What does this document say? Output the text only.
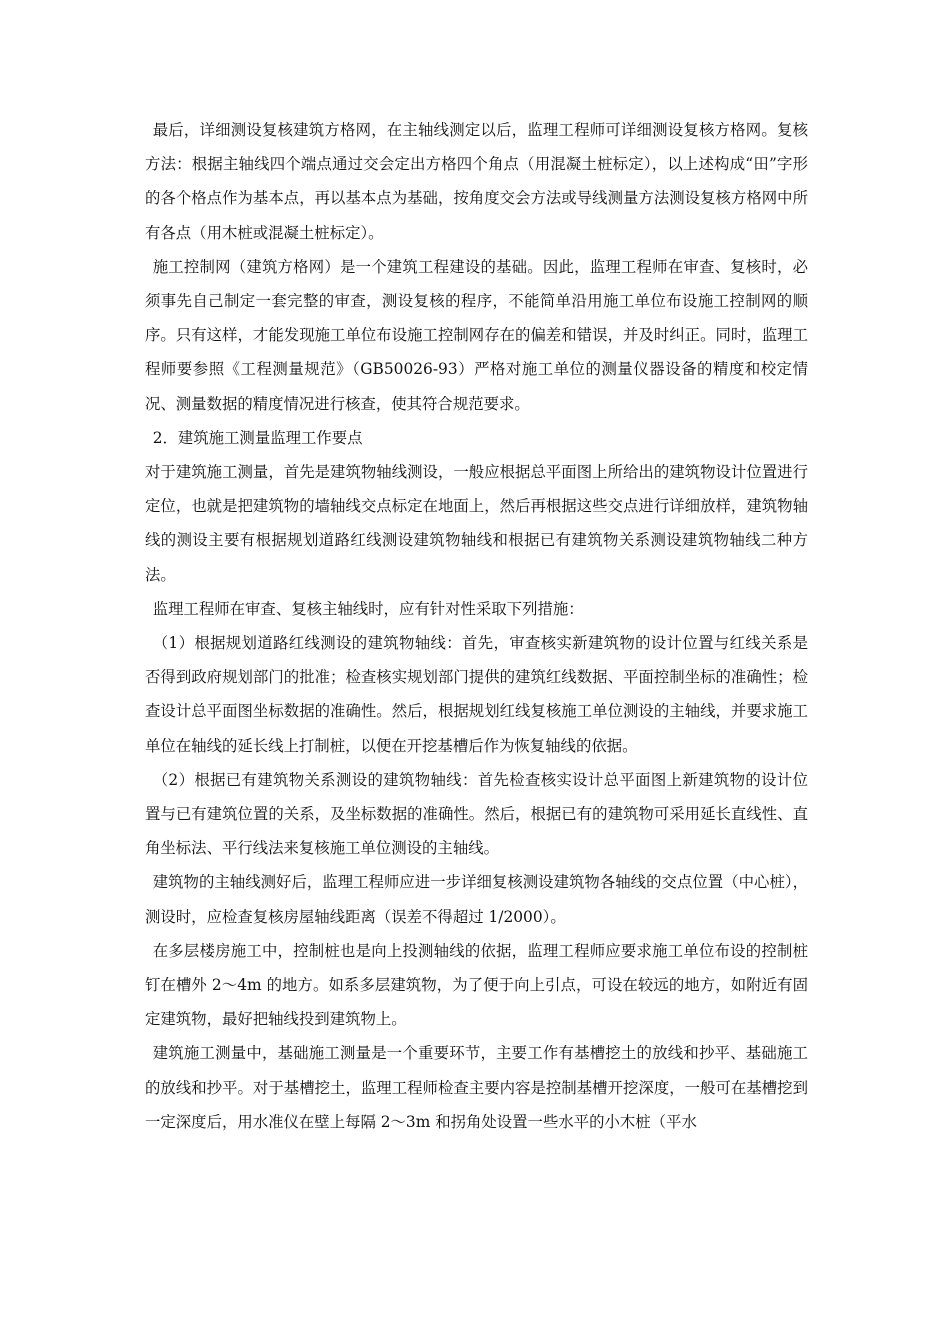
最后，详细测设复核建筑方格网，在主轴线测定以后，监理工程师可详细测设复核方格网。复核方法：根据主轴线四个端点通过交会定出方格四个角点（用混凝土桩标定），以上述构成“田”字形的各个格点作为基本点，再以基本点为基础，按角度交会方法或导线测量方法测设复核方格网中所有各点（用木桩或混凝土桩标定）。

施工控制网（建筑方格网）是一个建筑工程建设的基础。因此，监理工程师在审查、复核时，必须事先自己制定一套完整的审查，测设复核的程序，不能简单沿用施工单位布设施工控制网的顺序。只有这样，才能发现施工单位布设施工控制网存在的偏差和错误，并及时纠正。同时，监理工程师要参照《工程测量规范》（GB50026-93）严格对施工单位的测量仪器设备的精度和校定情况、测量数据的精度情况进行核查，使其符合规范要求。

2．建筑施工测量监理工作要点

对于建筑施工测量，首先是建筑物轴线测设，一般应根据总平面图上所给出的建筑物设计位置进行定位，也就是把建筑物的墙轴线交点标定在地面上，然后再根据这些交点进行详细放样，建筑物轴线的测设主要有根据规划道路红线测设建筑物轴线和根据已有建筑物关系测设建筑物轴线二种方法。

监理工程师在审查、复核主轴线时，应有针对性采取下列措施：

（1）根据规划道路红线测设的建筑物轴线：首先，审查核实新建筑物的设计位置与红线关系是否得到政府规划部门的批准；检查核实规划部门提供的建筑红线数据、平面控制坐标的准确性；检查设计总平面图坐标数据的准确性。然后，根据规划红线复核施工单位测设的主轴线，并要求施工单位在轴线的延长线上打制桩，以便在开挖基槽后作为恢复轴线的依据。

（2）根据已有建筑物关系测设的建筑物轴线：首先检查核实设计总平面图上新建筑物的设计位置与已有建筑位置的关系，及坐标数据的准确性。然后，根据已有的建筑物可采用延长直线性、直角坐标法、平行线法来复核施工单位测设的主轴线。

建筑物的主轴线测好后，监理工程师应进一步详细复核测设建筑物各轴线的交点位置（中心桩），测设时，应检查复核房屋轴线距离（误差不得超过 1/2000）。

在多层楼房施工中，控制桩也是向上投测轴线的依据，监理工程师应要求施工单位布设的控制桩钉在槽外 2～4m 的地方。如系多层建筑物，为了便于向上引点，可设在较远的地方，如附近有固定建筑物，最好把轴线投到建筑物上。

建筑施工测量中，基础施工测量是一个重要环节，主要工作有基槽挖土的放线和抄平、基础施工的放线和抄平。对于基槽挖土，监理工程师检查主要内容是控制基槽开挖深度，一般可在基槽挖到一定深度后，用水准仪在壁上每隔 2～3m 和拐角处设置一些水平的小木桩（平水
